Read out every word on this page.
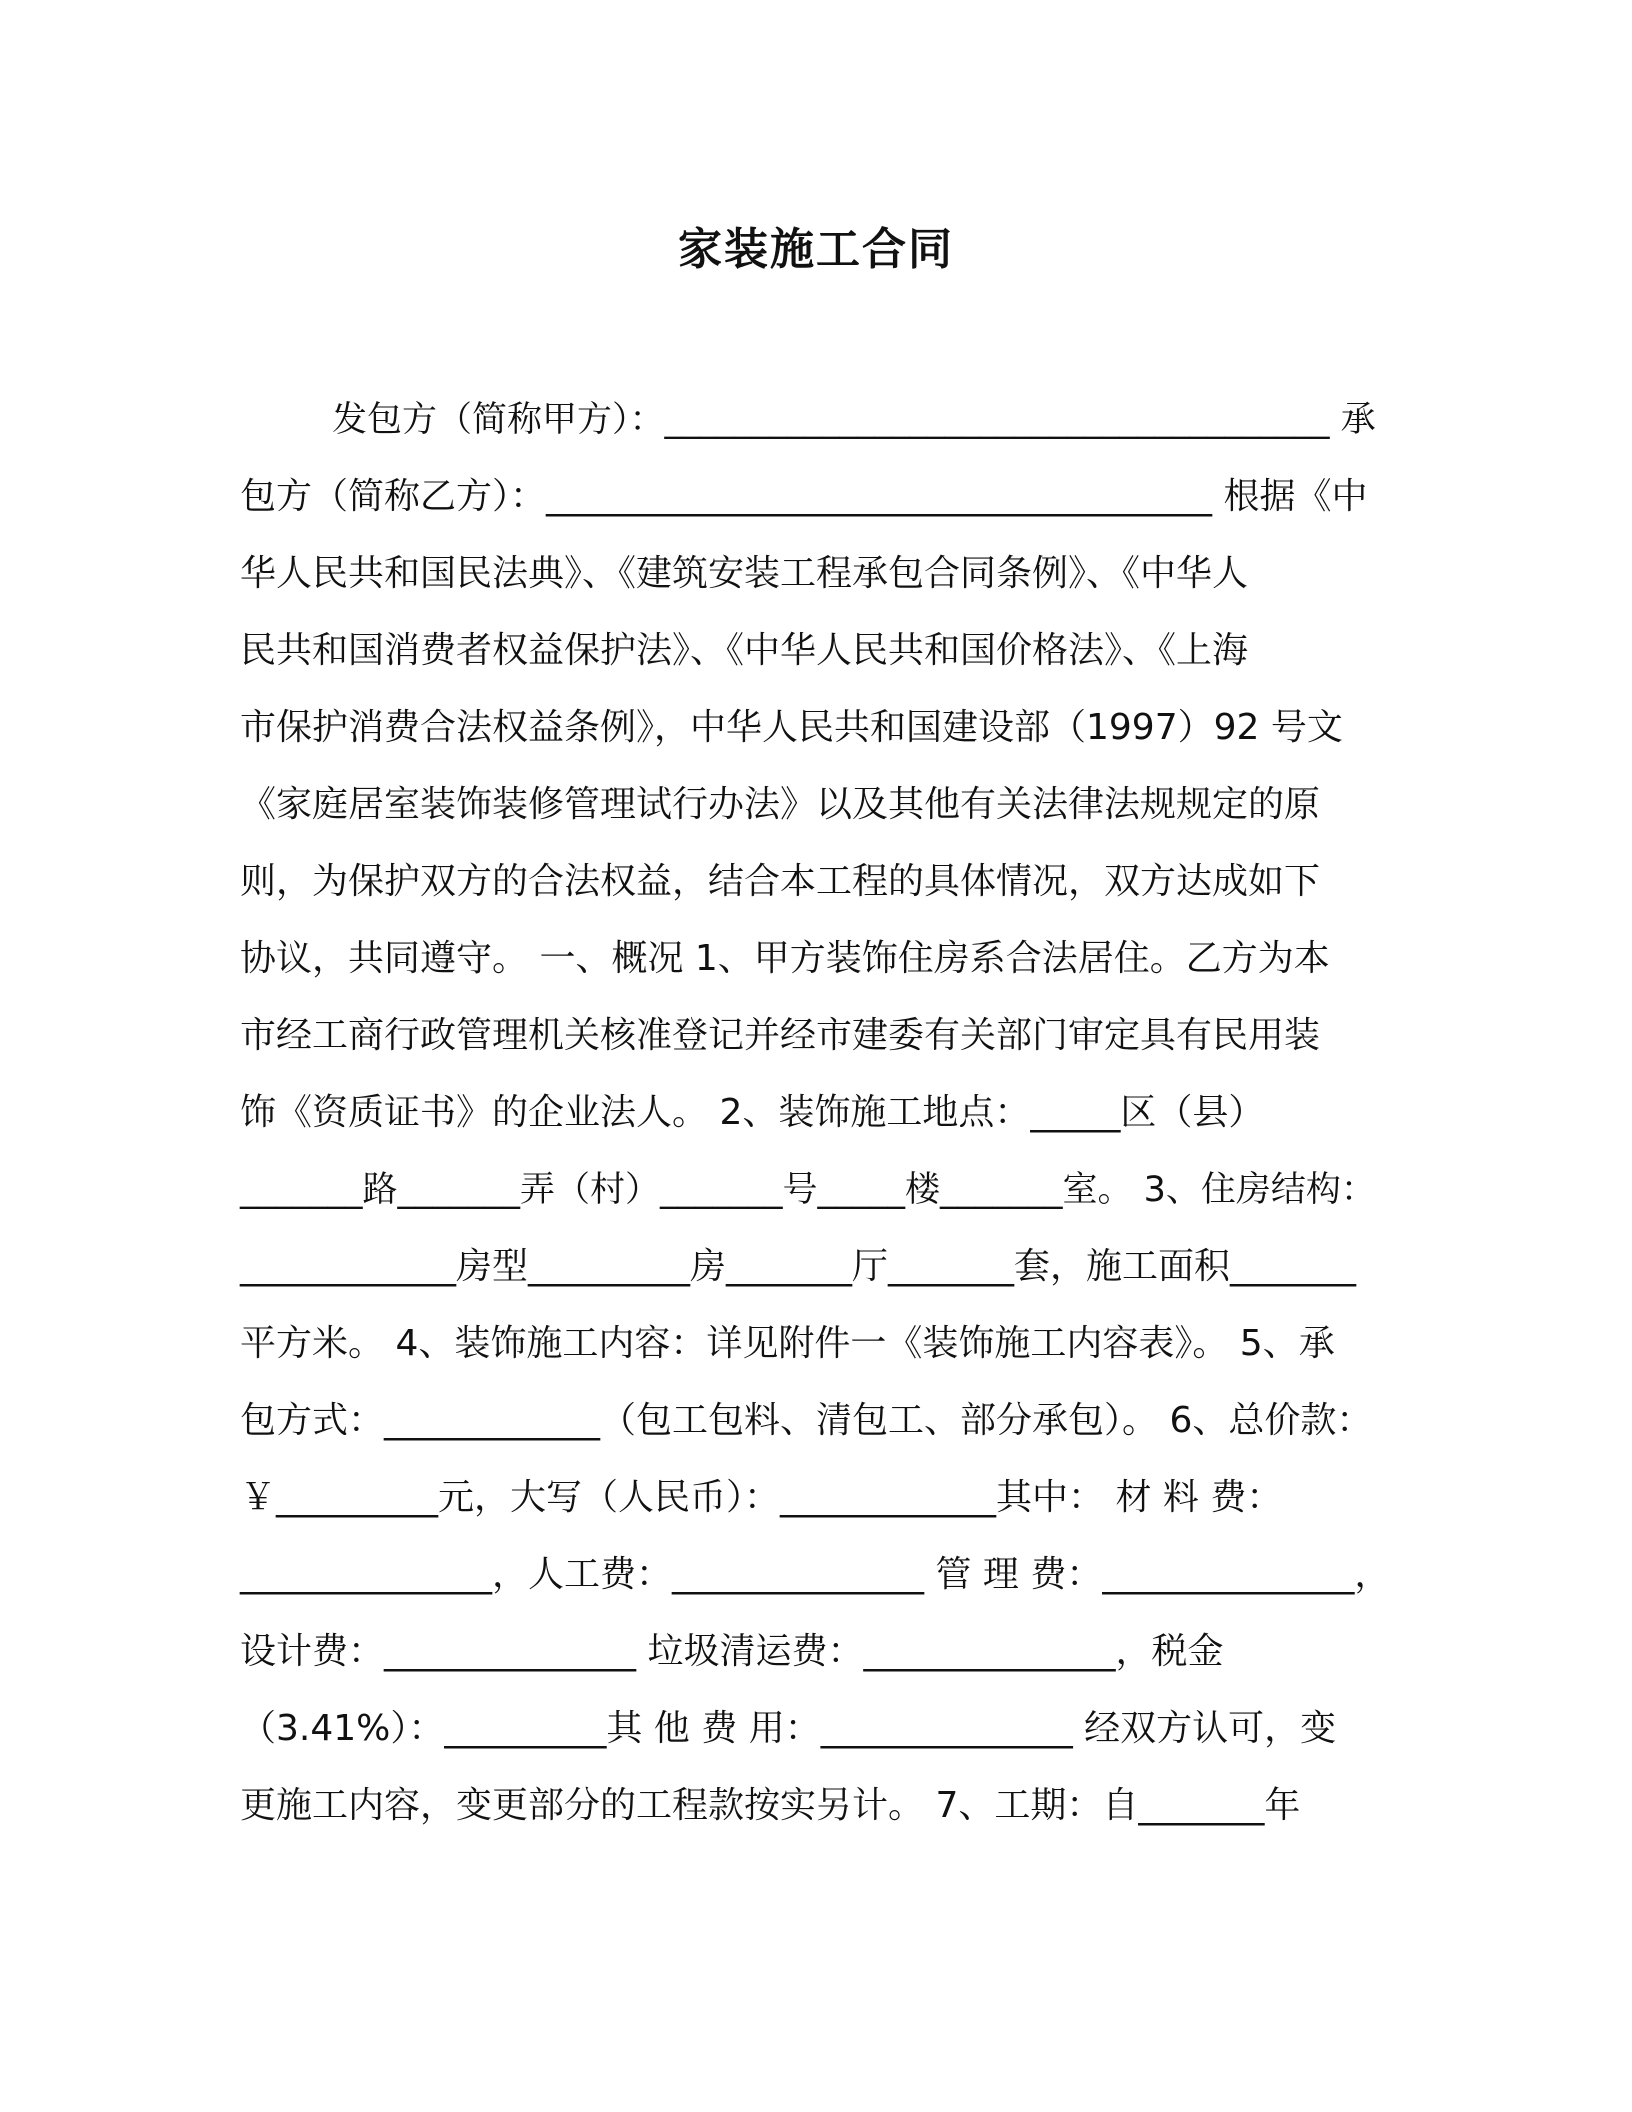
家装施工合同
发包方（简称甲方）：______________________________________ 承
包方（简称乙方）：_____________________________________ 根据《中
华人民共和国民法典》、《建筑安装工程承包合同条例》、《中华人
民共和国消费者权益保护法》、《中华人民共和国价格法》、《上海
市保护消费合法权益条例》，中华人民共和国建设部（1997）92 号文
《家庭居室装饰装修管理试行办法》以及其他有关法律法规规定的原
则，为保护双方的合法权益，结合本工程的具体情况，双方达成如下
协议，共同遵守。 一、概况 1、甲方装饰住房系合法居住。乙方为本
市经工商行政管理机关核准登记并经市建委有关部门审定具有民用装
饰《资质证书》的企业法人。 2、装饰施工地点：_____区（县）
_______路_______弄（村）_______号_____楼_______室。 3、住房结构：
____________房型_________房_______厅_______套，施工面积_______
平方米。 4、装饰施工内容：详见附件一《装饰施工内容表》。 5、承
包方式：____________（包工包料、清包工、部分承包）。 6、总价款：
￥_________元，大写（人民币）：____________其中： 材 料 费：
______________，人工费：______________ 管 理 费：______________，
设计费：______________ 垃圾清运费：______________，税金
（3.41%）：_________其 他 费 用：______________ 经双方认可，变
更施工内容，变更部分的工程款按实另计。 7、工期：自_______年
